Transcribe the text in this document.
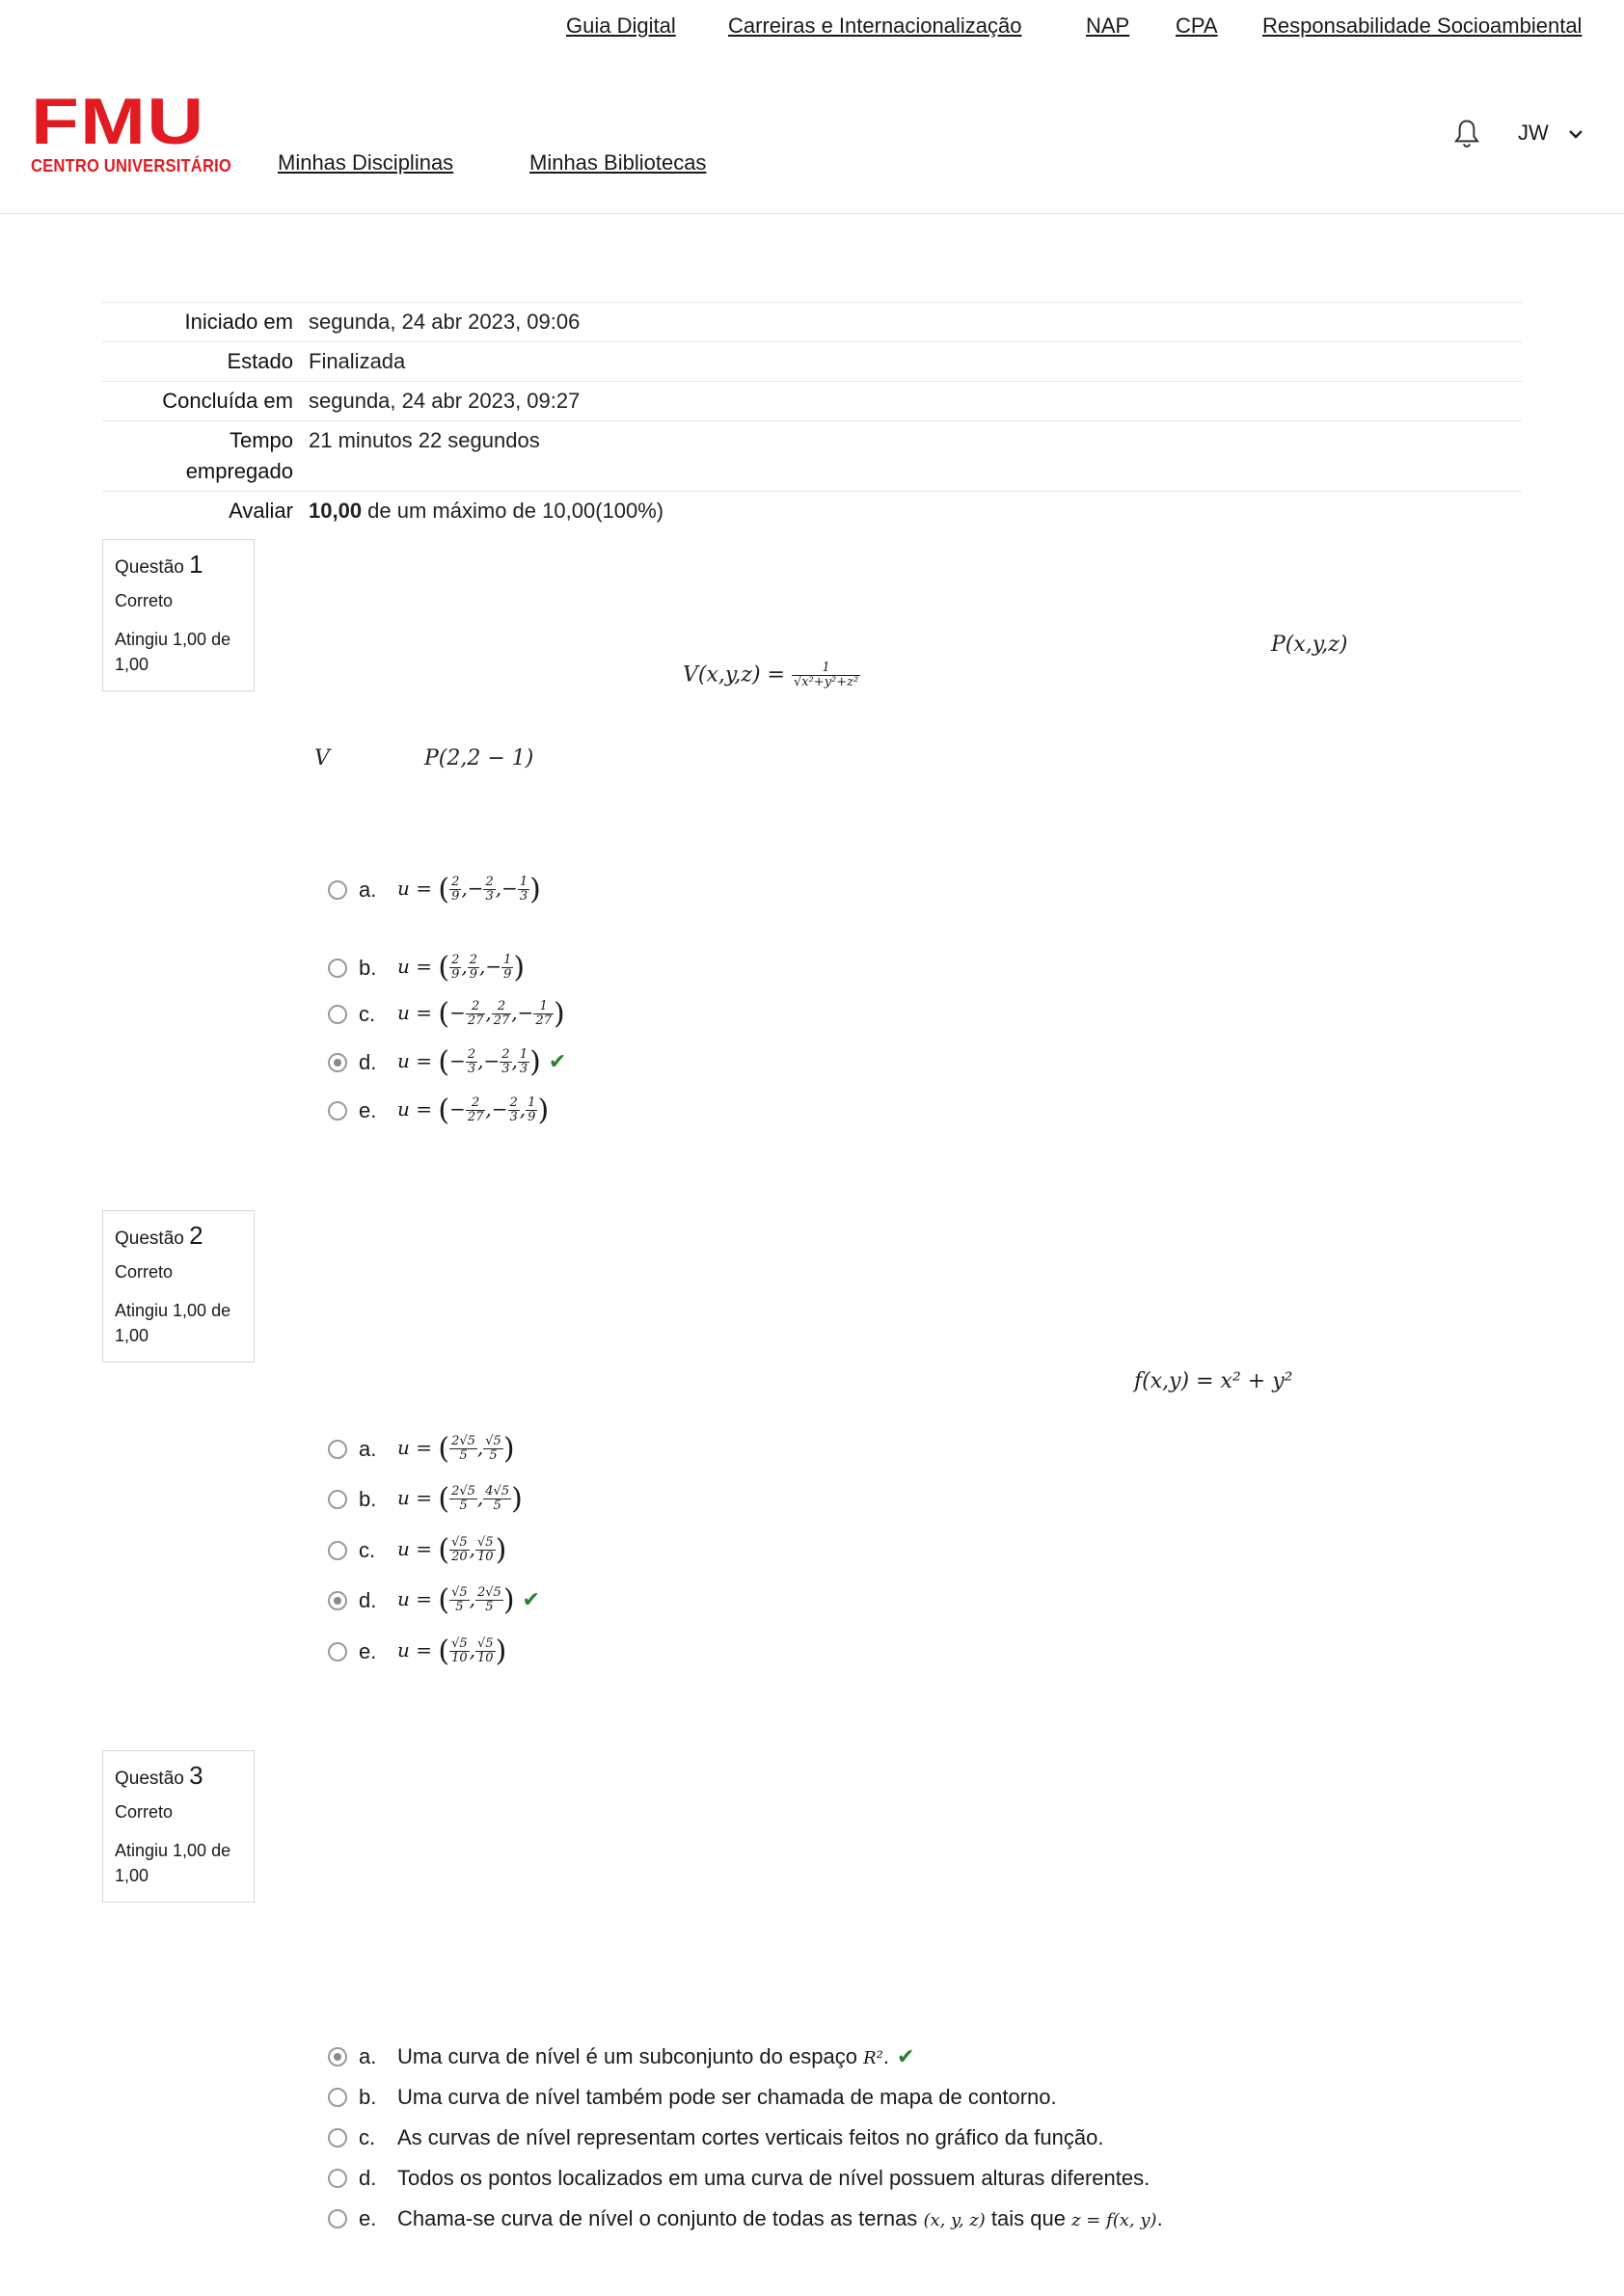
Guia Digital Carreiras e Internacionalização	NAP CPA Responsabilidade Socioambiental
FMU
CENTRO UNIVERSITÁRIO Minhas Disciplinas	Minhas Bibliotecas
JW
Iniciado em segunda, 24 abr 2023, 09:06
Estado Finalizada
Concluída em segunda, 24 abr 2023, 09:27
Tempo empregado
21 minutos 22 segundos
Avaliar 10,00 de um máximo de 10,00(100%)
Questão 1
Correto
Atingiu 1,00 de 1,00	$V(x,y,z) = \frac{1}{\text{√x²+y²+z²}}$
P(x,y,z)
V	P(2,2 − 1)
a.	u = ( $\frac{2}{9}$ ,− $\frac{2}{3}$ ,− $\frac{1}{3}$ )
b.	u = ( $\frac{2}{9}$ , $\frac{2}{9}$ ,− $\frac{1}{9}$ )
c.	u = (− $\frac{2}{27}$ , $\frac{2}{27}$ ,− $\frac{1}{27}$ )
d.	u = (− $\frac{2}{3}$ ,− $\frac{2}{3}$ , $\frac{1}{3}$ ) ✔
e.	u = (− $\frac{2}{27}$ ,− $\frac{2}{3}$ , $\frac{1}{9}$ )
Questão 2
Correto
Atingiu 1,00 de 1,00
f(x,y) = x² + y²
a.	u = ( $\frac{2√5}{5}$ , $\frac{√5}{5}$ )
b.	u = ( $\frac{2√5}{5}$ , $\frac{4√5}{5}$ )
c.	u = ( $\frac{√5}{20}$ , $\frac{√5}{10}$ )
d.	u = ( $\frac{√5}{5}$ , $\frac{2√5}{5}$ ) ✔
e.	u = ( $\frac{√5}{10}$ , $\frac{√5}{10}$ )
Questão 3
Correto
Atingiu 1,00 de 1,00
a. Uma curva de nível é um subconjunto do espaço R². ✔
b. Uma curva de nível também pode ser chamada de mapa de contorno.
c.	As curvas de nível representam cortes verticais feitos no gráfico da função.
d. Todos os pontos localizados em uma curva de nível possuem alturas diferentes.
e. Chama-se curva de nível o conjunto de todas as ternas (x, y, z) tais que z = f(x, y).
